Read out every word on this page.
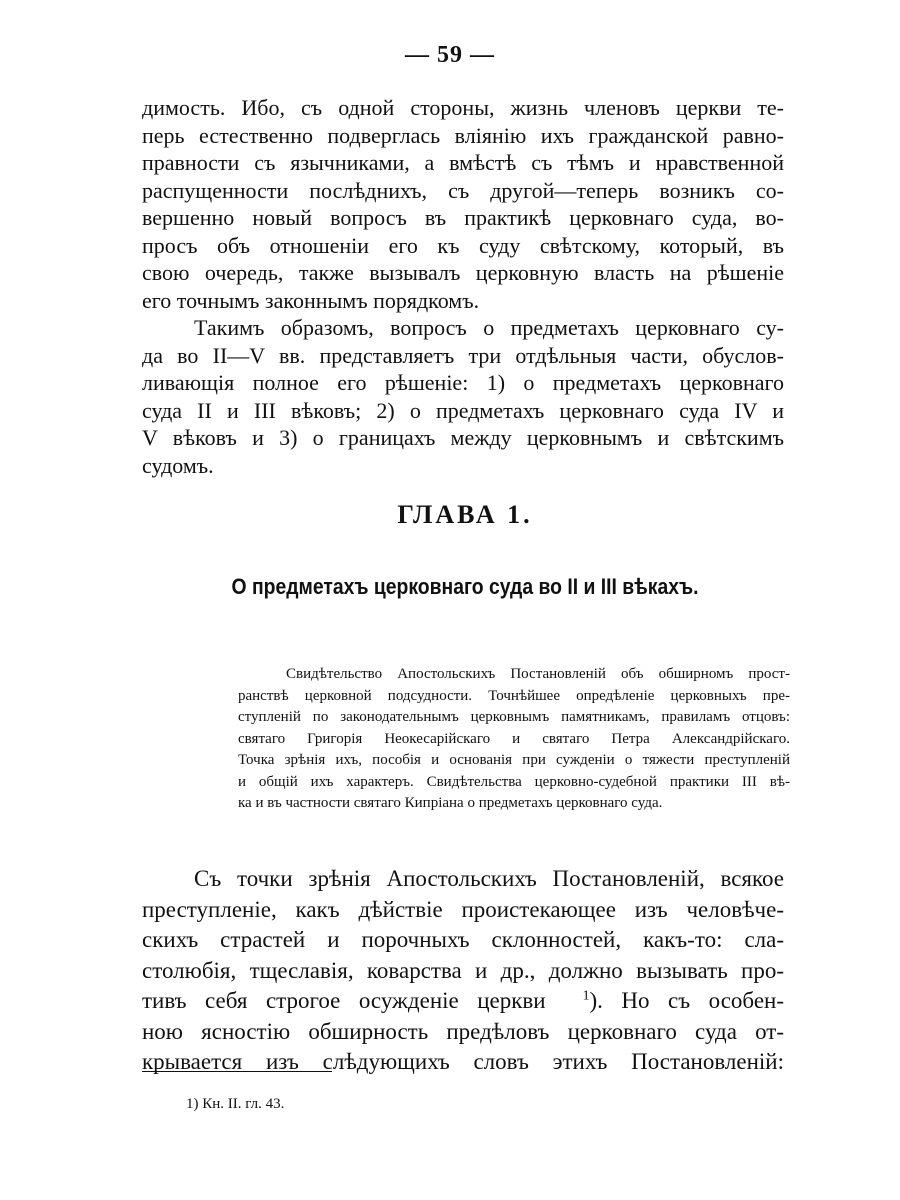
— 59 —

димость. Ибо, съ одной стороны, жизнь членовъ церкви те-
перь естественно подверглась вліянію ихъ гражданской равно-
правности съ язычниками, а вмѣстѣ съ тѣмъ и нравственной
распущенности послѣднихъ, съ другой—теперь возникъ со-
вершенно новый вопросъ въ практикѣ церковнаго суда, во-
просъ объ отношеніи его къ суду свѣтскому, который, въ
свою очередь, также вызывалъ церковную власть на рѣшеніе
его точнымъ законнымъ порядкомъ.

Такимъ образомъ, вопросъ о предметахъ церковнаго су-
да во II—V вв. представляетъ три отдѣльныя части, обуслов-
ливающія полное его рѣшеніе: 1) о предметахъ церковнаго
суда II и III вѣковъ; 2) о предметахъ церковнаго суда IV и
V вѣковъ и 3) о границахъ между церковнымъ и свѣтскимъ
судомъ.

ГЛАВА 1.
О предметахъ церковнаго суда во II и III вѣкахъ.
Свидѣтельство Апостольскихъ Постановленій объ обширномъ прост-
ранствѣ церковной подсудности. Точнѣйшее опредѣленіе церковныхъ пре-
ступленій по законодательнымъ церковнымъ памятникамъ, правиламъ отцовъ:
святаго Григорія Неокесарійскаго и святаго Петра Александрійскаго.
Точка зрѣнія ихъ, пособія и основанія при сужденіи о тяжести преступленій
и общій ихъ характеръ. Свидѣтельства церковно-судебной практики III вѣ-
ка и въ частности святаго Кипріана о предметахъ церковнаго суда.
Съ точки зрѣнія Апостольскихъ Постановленій, всякое
преступленіе, какъ дѣйствіе проистекающее изъ человѣче-
скихъ страстей и порочныхъ склонностей, какъ-то: сла-
столюбія, тщеславія, коварства и др., должно вызывать про-
тивъ себя строгое осужденіе церкви	$^1$). Но съ особен-
ною ясностію обширность предѣловъ церковнаго суда от-
крывается изъ слѣдующихъ словъ этихъ Постановленій:
1) Кн. II. гл. 43.
